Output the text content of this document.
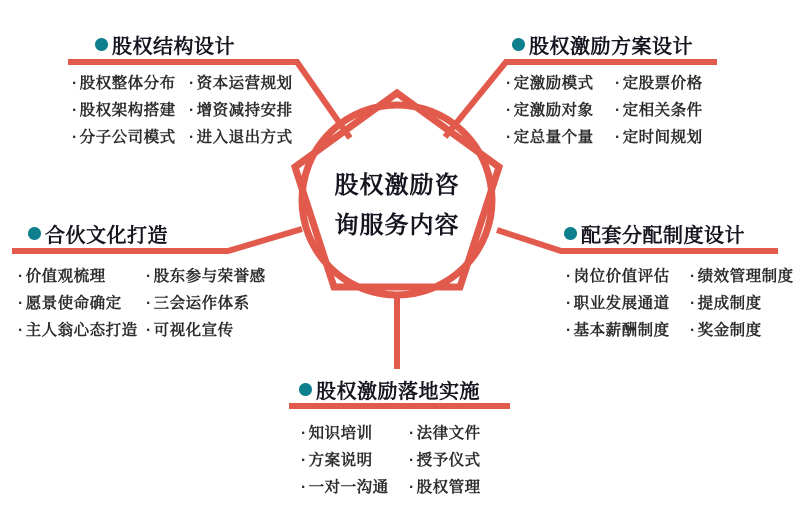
股权激励咨
询服务内容
股权结构设计
· 股权整体分布
· 股权架构搭建
· 分子公司模式
· 资本运营规划
· 增资减持安排
· 进入退出方式
股权激励方案设计
· 定激励模式
· 定激励对象
· 定总量个量
· 定股票价格
· 定相关条件
· 定时间规划
合伙文化打造
· 价值观梳理
· 愿景使命确定
· 主人翁心态打造
· 股东参与荣誉感
· 三会运作体系
· 可视化宣传
配套分配制度设计
· 岗位价值评估
· 职业发展通道
· 基本薪酬制度
· 绩效管理制度
· 提成制度
· 奖金制度
股权激励落地实施
· 知识培训
· 方案说明
· 一对一沟通
· 法律文件
· 授予仪式
· 股权管理
